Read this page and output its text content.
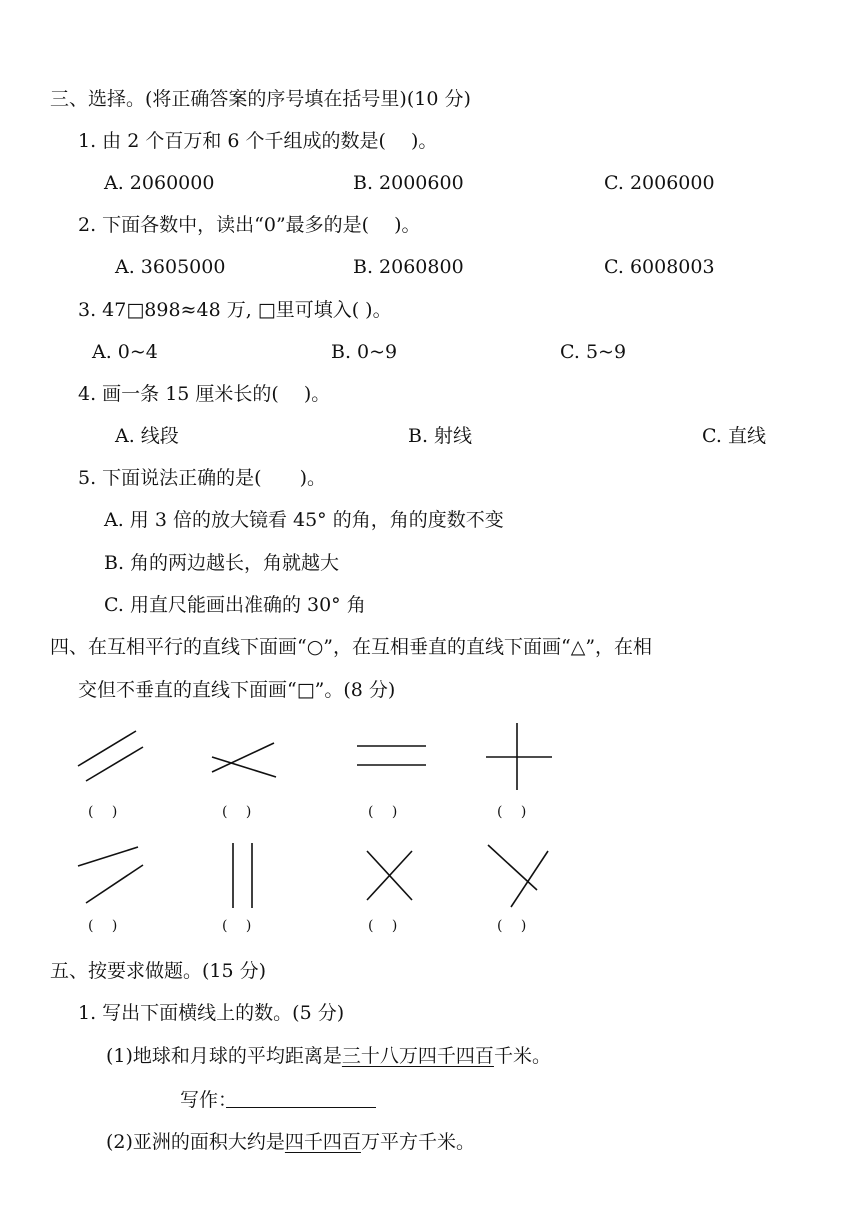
三、选择。(将正确答案的序号填在括号里)(10 分)
1. 由 2 个百万和 6 个千组成的数是(　 )。
A. 2060000	B. 2000600	C. 2006000
2. 下面各数中，读出“0”最多的是(　 )。
A. 3605000	B. 2060800	C. 6008003
3. 47□898≈48 万, □里可填入( )。
A. 0~4	B. 0~9	C. 5~9
4. 画一条 15 厘米长的(　 )。
A. 线段	B. 射线	C. 直线
5. 下面说法正确的是(　　)。
A. 用 3 倍的放大镜看 45° 的角，角的度数不变
B. 角的两边越长，角就越大
C. 用直尺能画出准确的 30° 角
四、在互相平行的直线下面画“○”，在互相垂直的直线下面画“△”，在相
交但不垂直的直线下面画“□”。(8 分)
(　 )	(　 )	(　 )	(　 )
(　 )	(　 )	(　 )	(　 )
五、按要求做题。(15 分)
1. 写出下面横线上的数。(5 分)
(1)地球和月球的平均距离是三十八万四千四百千米。
写作：
(2)亚洲的面积大约是四千四百万平方千米。
